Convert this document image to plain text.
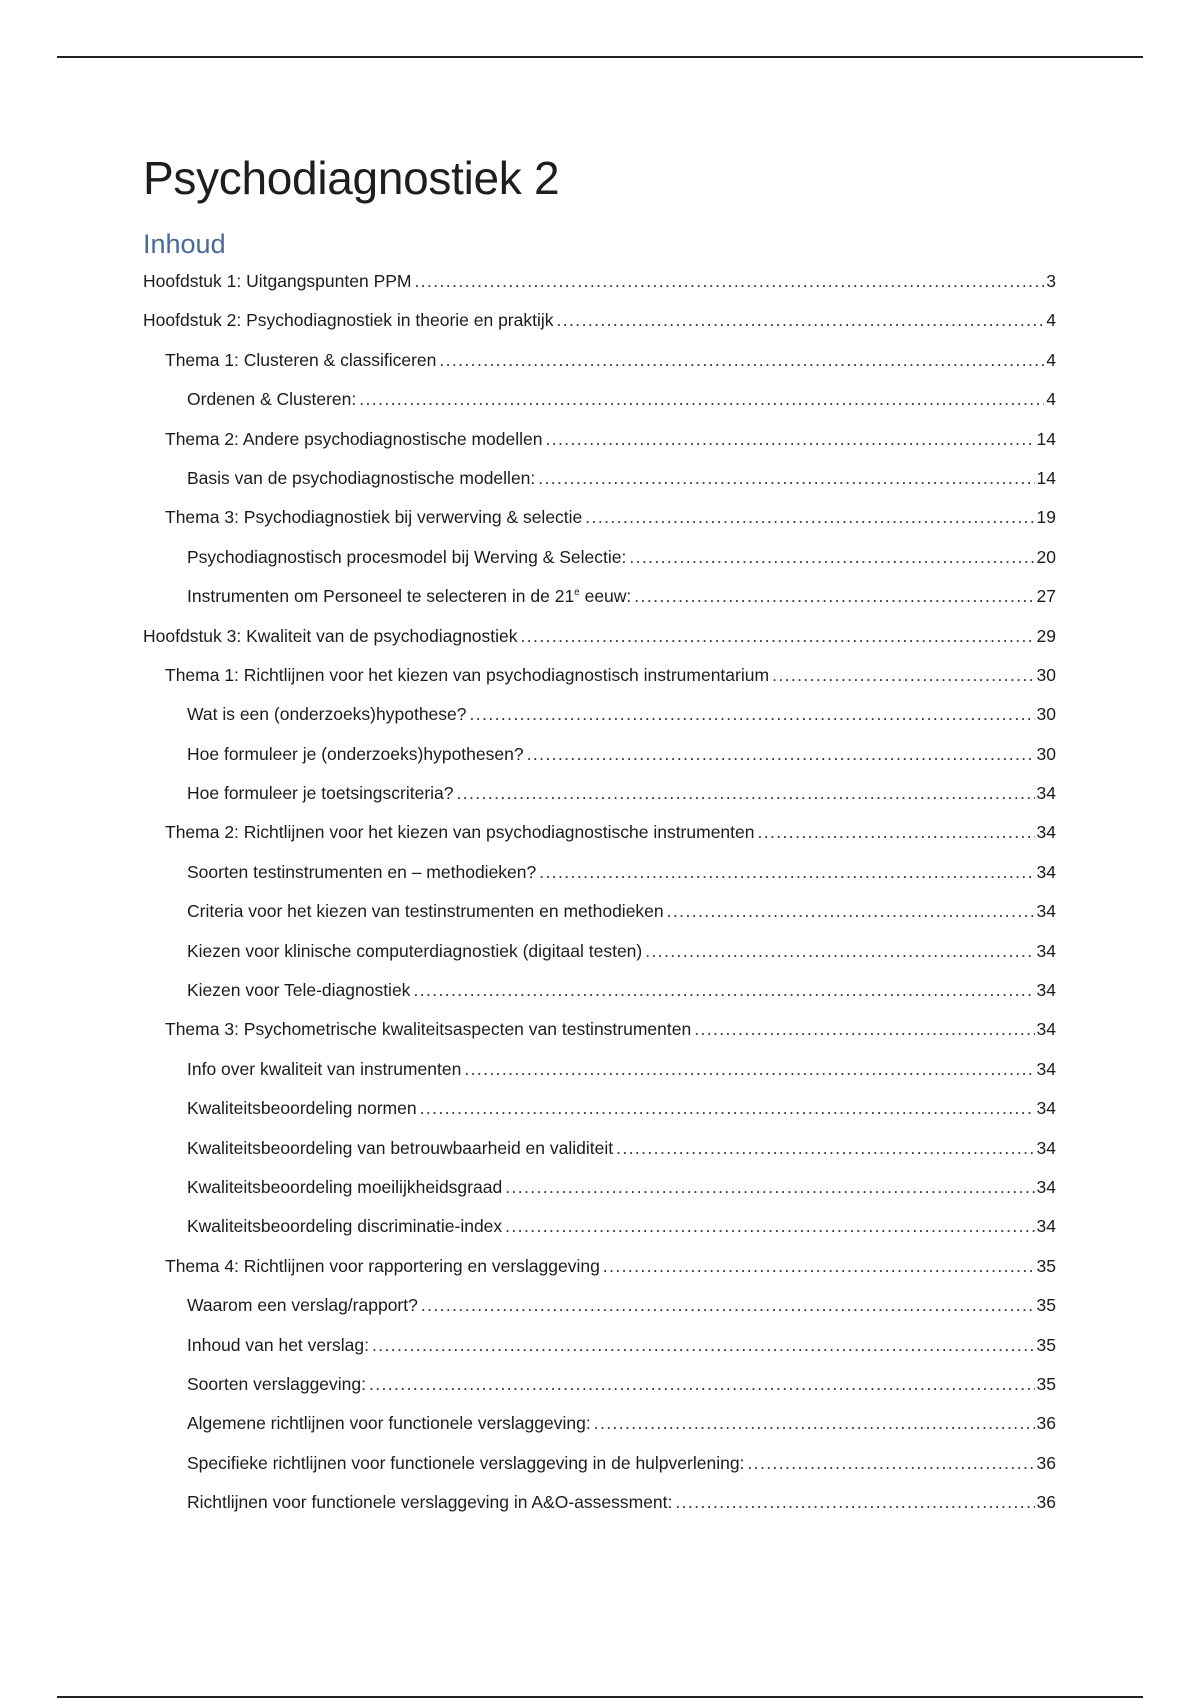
Psychodiagnostiek 2
Inhoud
Hoofdstuk 1: Uitgangspunten PPM .....	3
Hoofdstuk 2: Psychodiagnostiek in theorie en praktijk .....	4
Thema 1: Clusteren & classificeren .....	4
Ordenen & Clusteren: .....	4
Thema 2: Andere psychodiagnostische modellen .....	14
Basis van de psychodiagnostische modellen: .....	14
Thema 3: Psychodiagnostiek bij verwerving & selectie .....	19
Psychodiagnostisch procesmodel bij Werving & Selectie: .....	20
Instrumenten om Personeel te selecteren in de 21e eeuw: .....	27
Hoofdstuk 3: Kwaliteit van de psychodiagnostiek .....	29
Thema 1: Richtlijnen voor het kiezen van psychodiagnostisch instrumentarium .....	30
Wat is een (onderzoeks)hypothese? .....	30
Hoe formuleer je (onderzoeks)hypothesen? .....	30
Hoe formuleer je toetsingscriteria? .....	34
Thema 2: Richtlijnen voor het kiezen van psychodiagnostische instrumenten .....	34
Soorten testinstrumenten en – methodieken? .....	34
Criteria voor het kiezen van testinstrumenten en methodieken .....	34
Kiezen voor klinische computerdiagnostiek (digitaal testen) .....	34
Kiezen voor Tele-diagnostiek .....	34
Thema 3: Psychometrische kwaliteitsaspecten van testinstrumenten .....	34
Info over kwaliteit van instrumenten .....	34
Kwaliteitsbeoordeling normen .....	34
Kwaliteitsbeoordeling van betrouwbaarheid en validiteit .....	34
Kwaliteitsbeoordeling moeilijkheidsgraad .....	34
Kwaliteitsbeoordeling discriminatie-index .....	34
Thema 4: Richtlijnen voor rapportering en verslaggeving .....	35
Waarom een verslag/rapport? .....	35
Inhoud van het verslag: .....	35
Soorten verslaggeving: .....	35
Algemene richtlijnen voor functionele verslaggeving: .....	36
Specifieke richtlijnen voor functionele verslaggeving in de hulpverlening: .....	36
Richtlijnen voor functionele verslaggeving in A&O-assessment: .....	36
